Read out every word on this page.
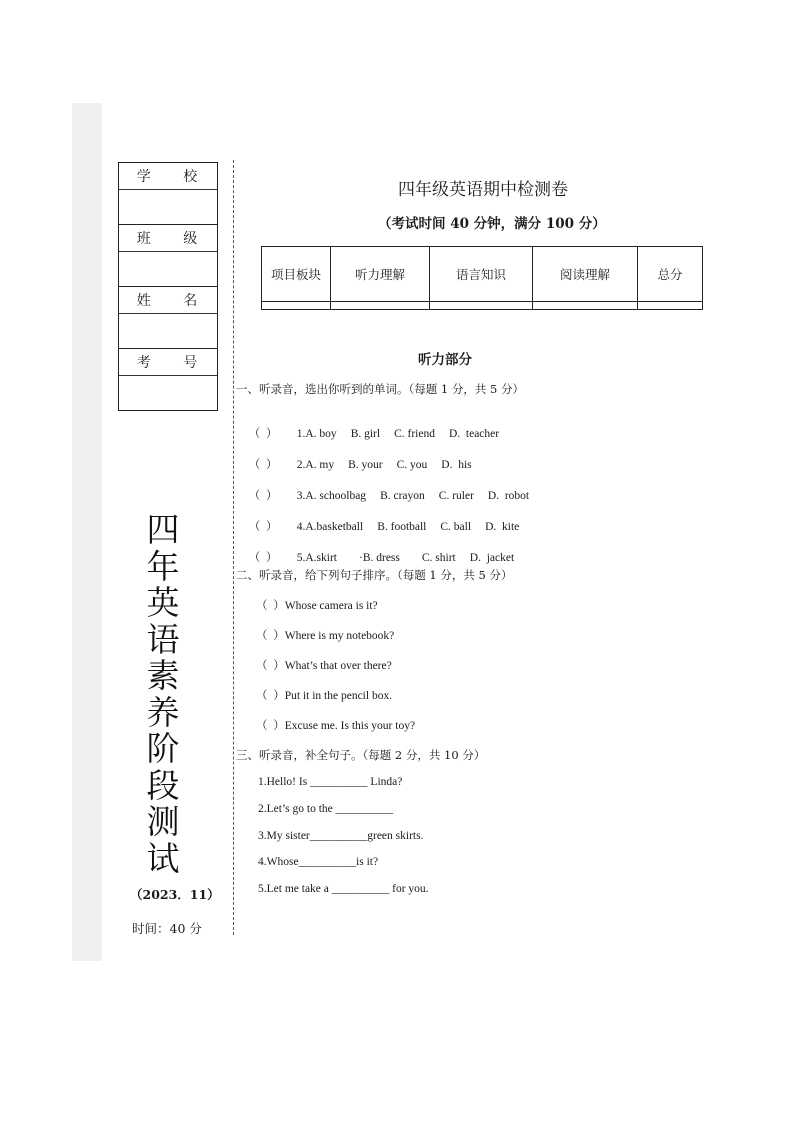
学 校
班 级
姓 名
考 号
四
年
英
语
素
养
阶
段
测
试
（2023．11）
时间：40 分
四年级英语期中检测卷
（考试时间 40 分钟，满分 100 分）
项目板块	听力理解	语言知识	阅读理解	总分

听力部分
一、听录音，选出你听到的单词。（每题 1 分，共 5 分）

（  ） 1.A. boy B. girl C. friend D.  teacher

（  ） 2.A. my B. your C. you D.  his

（  ） 3.A. schoolbag B. crayon C. ruler D.  robot

（  ） 4.A.basketball B. football C. ball D.  kite

（  ） 5.A.skirt ·B. dress C. shirt D.  jacket

二、听录音，给下列句子排序。（每题 1 分，共 5 分）
（  ）Whose camera is it?
（  ）Where is my notebook?
（  ）What’s that over there?
（  ）Put it in the pencil box.
（  ）Excuse me. Is this your toy?
三、听录音，补全句子。（每题 2 分，共 10 分）
1.Hello! Is __________ Linda?
2.Let’s go to the __________
3.My sister__________green skirts.
4.Whose__________is it?
5.Let me take a __________ for you.
